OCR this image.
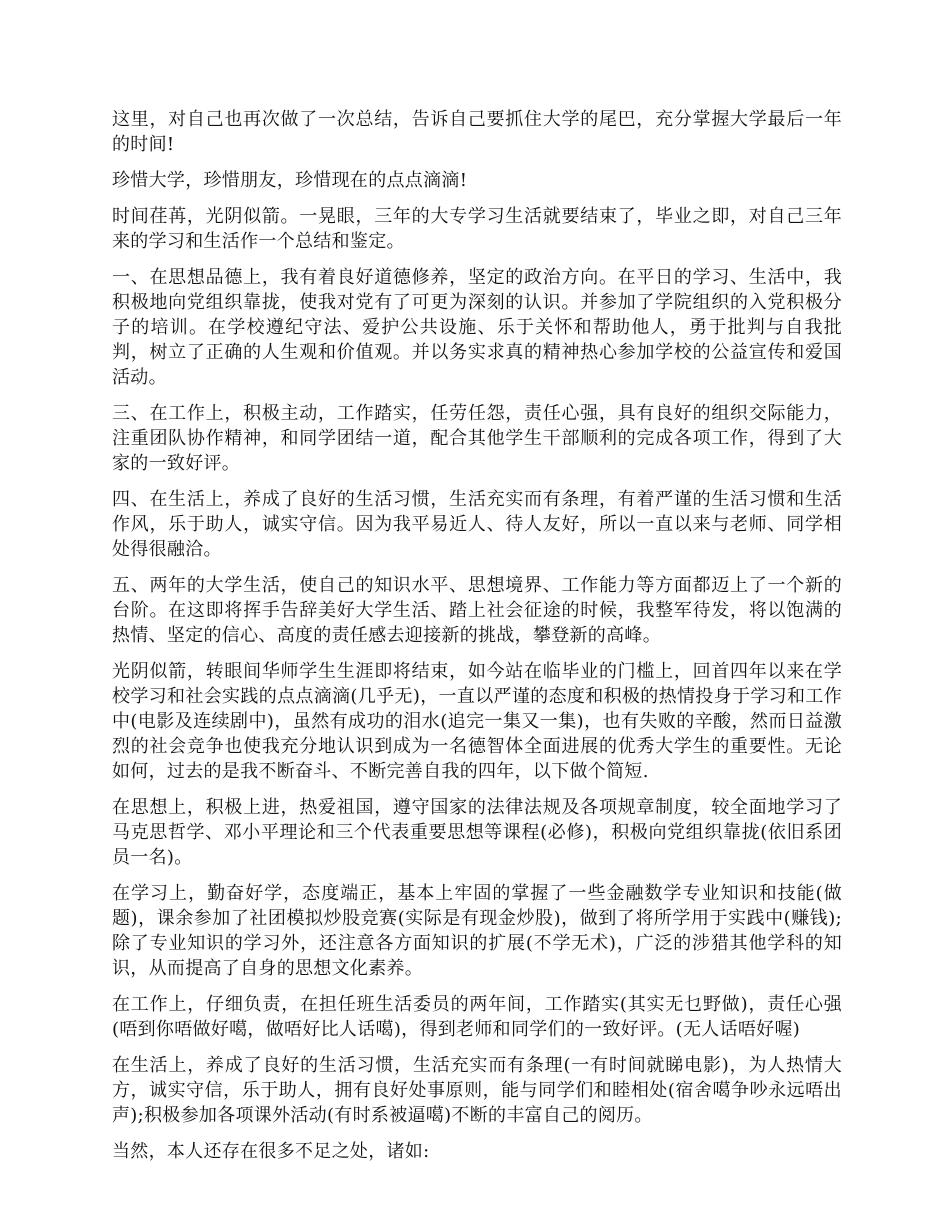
这里，对自己也再次做了一次总结，告诉自己要抓住大学的尾巴，充分掌握大学最后一年的时间!

珍惜大学，珍惜朋友，珍惜现在的点点滴滴!

时间荏苒，光阴似箭。一晃眼，三年的大专学习生活就要结束了，毕业之即，对自己三年来的学习和生活作一个总结和鉴定。

一、在思想品德上，我有着良好道德修养，坚定的政治方向。在平日的学习、生活中，我积极地向党组织靠拢，使我对党有了可更为深刻的认识。并参加了学院组织的入党积极分子的培训。在学校遵纪守法、爱护公共设施、乐于关怀和帮助他人，勇于批判与自我批判，树立了正确的人生观和价值观。并以务实求真的精神热心参加学校的公益宣传和爱国活动。

三、在工作上，积极主动，工作踏实，任劳任怨，责任心强，具有良好的组织交际能力，注重团队协作精神，和同学团结一道，配合其他学生干部顺利的完成各项工作，得到了大家的一致好评。

四、在生活上，养成了良好的生活习惯，生活充实而有条理，有着严谨的生活习惯和生活作风，乐于助人，诚实守信。因为我平易近人、待人友好，所以一直以来与老师、同学相处得很融洽。

五、两年的大学生活，使自己的知识水平、思想境界、工作能力等方面都迈上了一个新的台阶。在这即将挥手告辞美好大学生活、踏上社会征途的时候，我整军待发，将以饱满的热情、坚定的信心、高度的责任感去迎接新的挑战，攀登新的高峰。

光阴似箭，转眼间华师学生生涯即将结束，如今站在临毕业的门槛上，回首四年以来在学校学习和社会实践的点点滴滴(几乎无)，一直以严谨的态度和积极的热情投身于学习和工作中(电影及连续剧中)，虽然有成功的泪水(追完一集又一集)，也有失败的辛酸，然而日益激烈的社会竞争也使我充分地认识到成为一名德智体全面进展的优秀大学生的重要性。无论如何，过去的是我不断奋斗、不断完善自我的四年，以下做个简短.

在思想上，积极上进，热爱祖国，遵守国家的法律法规及各项规章制度，较全面地学习了马克思哲学、邓小平理论和三个代表重要思想等课程(必修)，积极向党组织靠拢(依旧系团员一名)。

在学习上，勤奋好学，态度端正，基本上牢固的掌握了一些金融数学专业知识和技能(做题)，课余参加了社团模拟炒股竞赛(实际是有现金炒股)，做到了将所学用于实践中(赚钱);除了专业知识的学习外，还注意各方面知识的扩展(不学无术)，广泛的涉猎其他学科的知识，从而提高了自身的思想文化素养。

在工作上，仔细负责，在担任班生活委员的两年间，工作踏实(其实无乜野做)，责任心强(唔到你唔做好噶，做唔好比人话噶)，得到老师和同学们的一致好评。(无人话唔好喔)

在生活上，养成了良好的生活习惯，生活充实而有条理(一有时间就睇电影)，为人热情大方，诚实守信，乐于助人，拥有良好处事原则，能与同学们和睦相处(宿舍噶争吵永远唔出声);积极参加各项课外活动(有时系被逼噶)不断的丰富自己的阅历。

当然，本人还存在很多不足之处，诸如:
